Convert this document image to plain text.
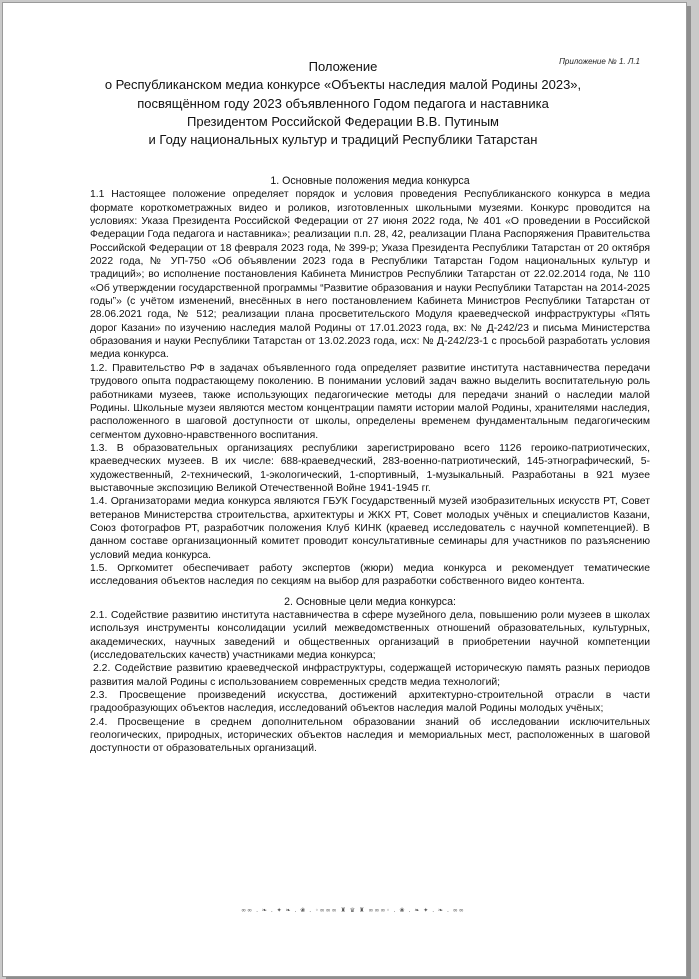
Приложение № 1. Л.1
Положение
о Республиканском медиа конкурсе «Объекты наследия малой Родины 2023»,
посвящённом году 2023 объявленного Годом педагога и наставника
Президентом Российской Федерации В.В. Путиным
и Году национальных культур и традиций Республики Татарстан
1. Основные положения медиа конкурса

1.1 Настоящее положение определяет порядок и условия проведения Республиканского конкурса в медиа формате короткометражных видео и роликов, изготовленных школьными музеями. Конкурс проводится на условиях: Указа Президента Российской Федерации от 27 июня 2022 года, № 401 «О проведении в Российской Федерации Года педагога и наставника»; реализации п.п. 28, 42, реализации Плана Распоряжения Правительства Российской Федерации от 18 февраля 2023 года, № 399-р; Указа Президента Республики Татарстан от 20 октября 2022 года, № УП-750 «Об объявлении 2023 года в Республики Татарстан Годом национальных культур и традиций»; во исполнение постановления Кабинета Министров Республики Татарстан от 22.02.2014 года, № 110 «Об утверждении государственной программы “Развитие образования и науки Республики Татарстан на 2014-2025 годы”» (с учётом изменений, внесённых в него постановлением Кабинета Министров Республики Татарстан от 28.06.2021 года, № 512; реализации плана просветительского Модуля краеведческой инфраструктуры «Пять дорог Казани» по изучению наследия малой Родины от 17.01.2023 года, вх: № Д-242/23 и письма Министерства образования и науки Республики Татарстан от 13.02.2023 года, исх: № Д-242/23-1 с просьбой разработать условия медиа конкурса.

1.2. Правительство РФ в задачах объявленного года определяет развитие института наставничества передачи трудового опыта подрастающему поколению. В понимании условий задач важно выделить воспитательную роль работниками музеев, также использующих педагогические методы для передачи знаний о наследии малой Родины. Школьные музеи являются местом концентрации памяти истории малой Родины, хранителями наследия, расположенного в шаговой доступности от школы, определены временем фундаментальным педагогическим сегментом духовно-нравственного воспитания.

1.3. В образовательных организациях республики зарегистрировано всего 1126 героико-патриотических, краеведческих музеев. В их числе: 688-краеведческий, 283-военно-патриотический, 145-этнографический, 5-художественный, 2-технический, 1-экологический, 1-спортивный, 1-музыкальный. Разработаны в 921 музее выставочные экспозицию Великой Отечественной Войне 1941-1945 гг.

1.4. Организаторами медиа конкурса являются ГБУК Государственный музей изобразительных искусств РТ, Совет ветеранов Министерства строительства, архитектуры и ЖКХ РТ, Совет молодых учёных и специалистов Казани, Союз фотографов РТ, разработчик положения Клуб КИНК (краевед исследователь с научной компетенцией). В данном составе организационный комитет проводит консультативные семинары для участников по разъяснению условий медиа конкурса.

1.5. Оргкомитет обеспечивает работу экспертов (жюри) медиа конкурса и рекомендует тематические исследования объектов наследия по секциям на выбор для разработки собственного видео контента.

2. Основные цели медиа конкурса:

2.1. Содействие развитию института наставничества в сфере музейного дела, повышению роли музеев в школах используя инструменты консолидации усилий межведомственных отношений образовательных, культурных, академических, научных заведений и общественных организаций в приобретении научной компетенции (исследовательских качеств) участниками медиа конкурса;

2.2. Содействие развитию краеведческой инфраструктуры, содержащей историческую память разных периодов развития малой Родины с использованием современных средств медиа технологий;

2.3. Просвещение произведений искусства, достижений архитектурно-строительной отрасли в части градообразующих объектов наследия, исследований объектов наследия малой Родины молодых учёных;

2.4. Просвещение в среднем дополнительном образовании знаний об исследовании исключительных геологических, природных, исторических объектов наследия и мемориальных мест, расположенных в шаговой доступности от образовательных организаций.

∞∞ . ❧ . ✦ ❧ . ❀ . ◦∞∞∞ ♜ ♛ ♜ ∞∞∞◦ . ❀ . ❧ ✦ . ❧ . ∞∞
